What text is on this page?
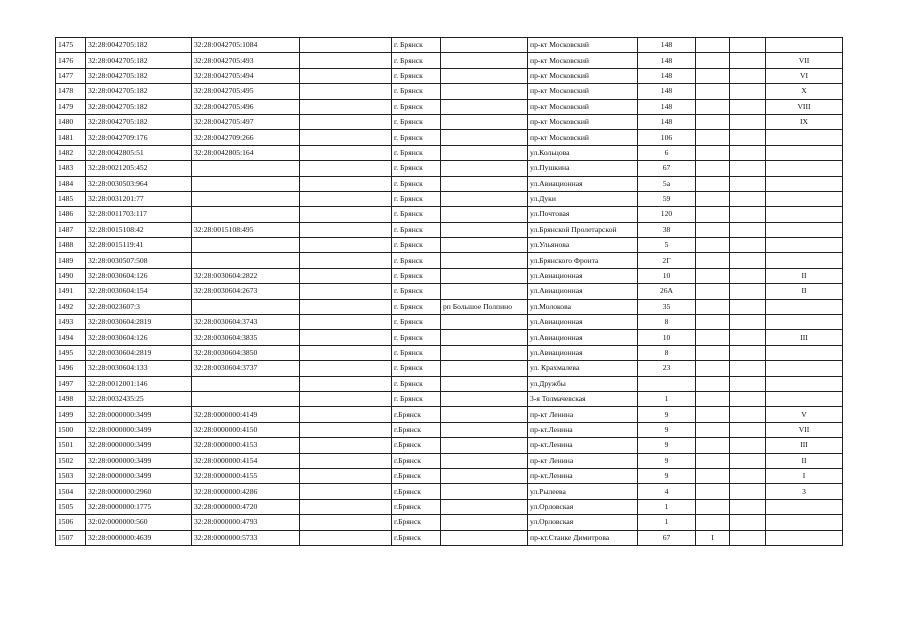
1475	32:28:0042705:182	32:28:0042705:1084		г. Брянск		пр-кт Московский	148			
1476	32:28:0042705:182	32:28:0042705:493		г. Брянск		пр-кт Московский	148			VII
1477	32:28:0042705:182	32:28:0042705:494		г. Брянск		пр-кт Московский	148			VI
1478	32:28:0042705:182	32:28:0042705:495		г. Брянск		пр-кт Московский	148			X
1479	32:28:0042705:182	32:28:0042705:496		г. Брянск		пр-кт Московский	148			VIII
1480	32:28:0042705:182	32:28:0042705:497		г. Брянск		пр-кт Московский	148			IX
1481	32:28:0042709:176	32:28:0042709:266		г. Брянск		пр-кт Московский	106			
1482	32:28:0042805:51	32:28:0042805:164		г. Брянск		ул.Кольцова	6			
1483	32:28:0021205:452			г. Брянск		ул.Пушкина	67			
1484	32:28:0030503:964			г. Брянск		ул.Авиационная	5а			
1485	32:28:0031201:77			г. Брянск		ул.Дуки	59			
1486	32:28:0011703:117			г. Брянск		ул.Почтовая	120			
1487	32:28:0015108:42	32:28:0015108:495		г. Брянск		ул.Брянской Пролетарской	38			
1488	32:28:0015119:41			г. Брянск		ул.Ульянова	5			
1489	32:28:0030507:508			г. Брянск		ул.Брянского Фронта	2Г			
1490	32:28:0030604:126	32:28:0030604:2822		г. Брянск		ул.Авиационная	10			II
1491	32:28:0030604:154	32:28:0030604:2673		г. Брянск		ул.Авиационная	26А			II
1492	32:28:0023607:3			г. Брянск	рп Большое Полпино	ул.Молокова	35			
1493	32:28:0030604:2819	32:28:0030604:3743		г. Брянск		ул.Авиационная	8			
1494	32:28:0030604:126	32:28:0030604:3835		г. Брянск		ул.Авиационная	10			III
1495	32:28:0030604:2819	32:28:0030604:3850		г. Брянск		ул.Авиационная	8			
1496	32:28:0030604:133	32:28:0030604:3737		г. Брянск		ул. Крахмалева	23			
1497	32:28:0012001:146			г. Брянск		ул.Дружбы				
1498	32:28:0032435:25			г. Брянск		3-я Толмачевская	1			
1499	32:28:0000000:3499	32:28:0000000:4149		г.Брянск		пр-кт Ленина	9			V
1500	32:28:0000000:3499	32:28:0000000:4150		г.Брянск		пр-кт.Ленина	9			VII
1501	32:28:0000000:3499	32:28:0000000:4153		г.Брянск		пр-кт.Ленина	9			III
1502	32:28:0000000:3499	32:28:0000000:4154		г.Брянск		пр-кт Ленина	9			II
1503	32:28:0000000:3499	32:28:0000000:4155		г.Брянск		пр-кт.Ленина	9			I
1504	32:28:0000000:2960	32:28:0000000:4286		г.Брянск		ул.Рылеева	4			3
1505	32:28:0000000:1775	32:28:0000000:4720		г.Брянск		ул.Орловская	1			
1506	32:02:0000000:560	32:28:0000000:4793		г.Брянск		ул.Орловская	1			
1507	32:28:0000000:4639	32:28:0000000:5733		г.Брянск		пр-кт.Станке Димитрова	67	I		
